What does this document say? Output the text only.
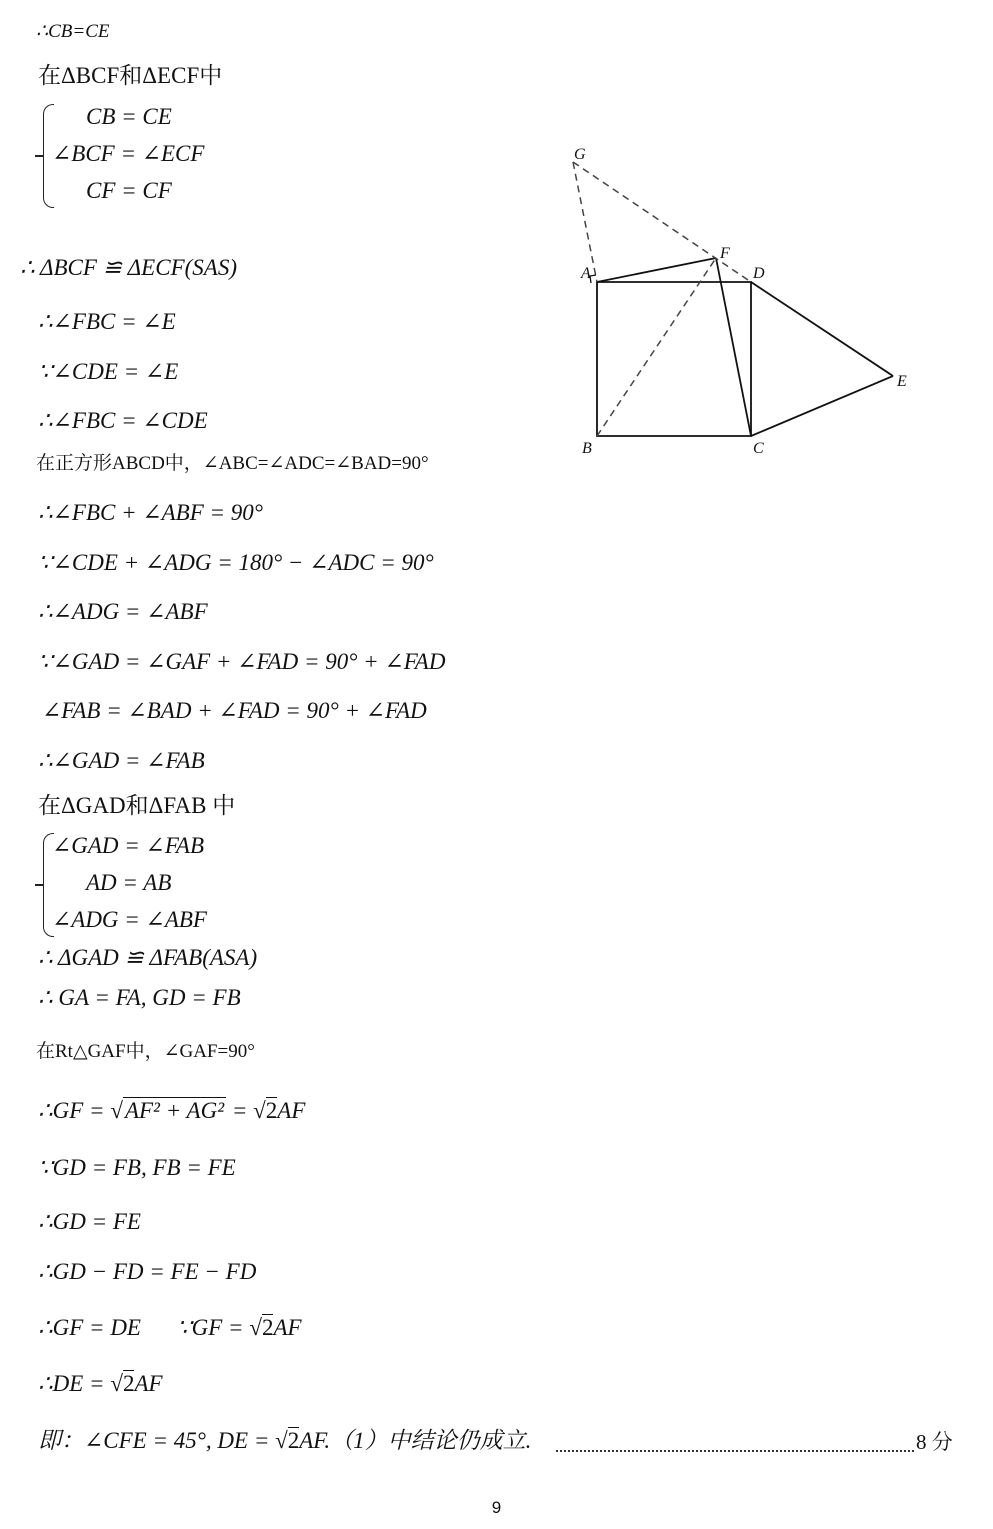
∴CB=CE
在ΔBCF和ΔECF中
CB = CE
∠BCF = ∠ECF
CF = CF
∴ ΔBCF ≌ ΔECF(SAS)
∴∠FBC = ∠E
∵∠CDE = ∠E
∴∠FBC = ∠CDE
在正方形ABCD中，∠ABC=∠ADC=∠BAD=90°
∴∠FBC + ∠ABF = 90°
∵∠CDE + ∠ADG = 180° − ∠ADC = 90°
∴∠ADG = ∠ABF
∵∠GAD = ∠GAF + ∠FAD = 90° + ∠FAD
∠FAB = ∠BAD + ∠FAD = 90° + ∠FAD
∴∠GAD = ∠FAB
在ΔGAD和ΔFAB 中
∠GAD = ∠FAB
AD = AB
∠ADG = ∠ABF
∴ ΔGAD ≌ ΔFAB(ASA)
∴ GA = FA, GD = FB
在Rt△GAF中，∠GAF=90°
∴GF = √AF² + AG² = √2AF
∵GD = FB, FB = FE
∴GD = FE
∴GD − FD = FE − FD
∴GF = DE ∵GF = √2AF
∴DE = √2AF
即：∠CFE = 45°, DE = √2AF.（1）中结论仍成立.	8 分
G
F
A	D
E
B	C
9
